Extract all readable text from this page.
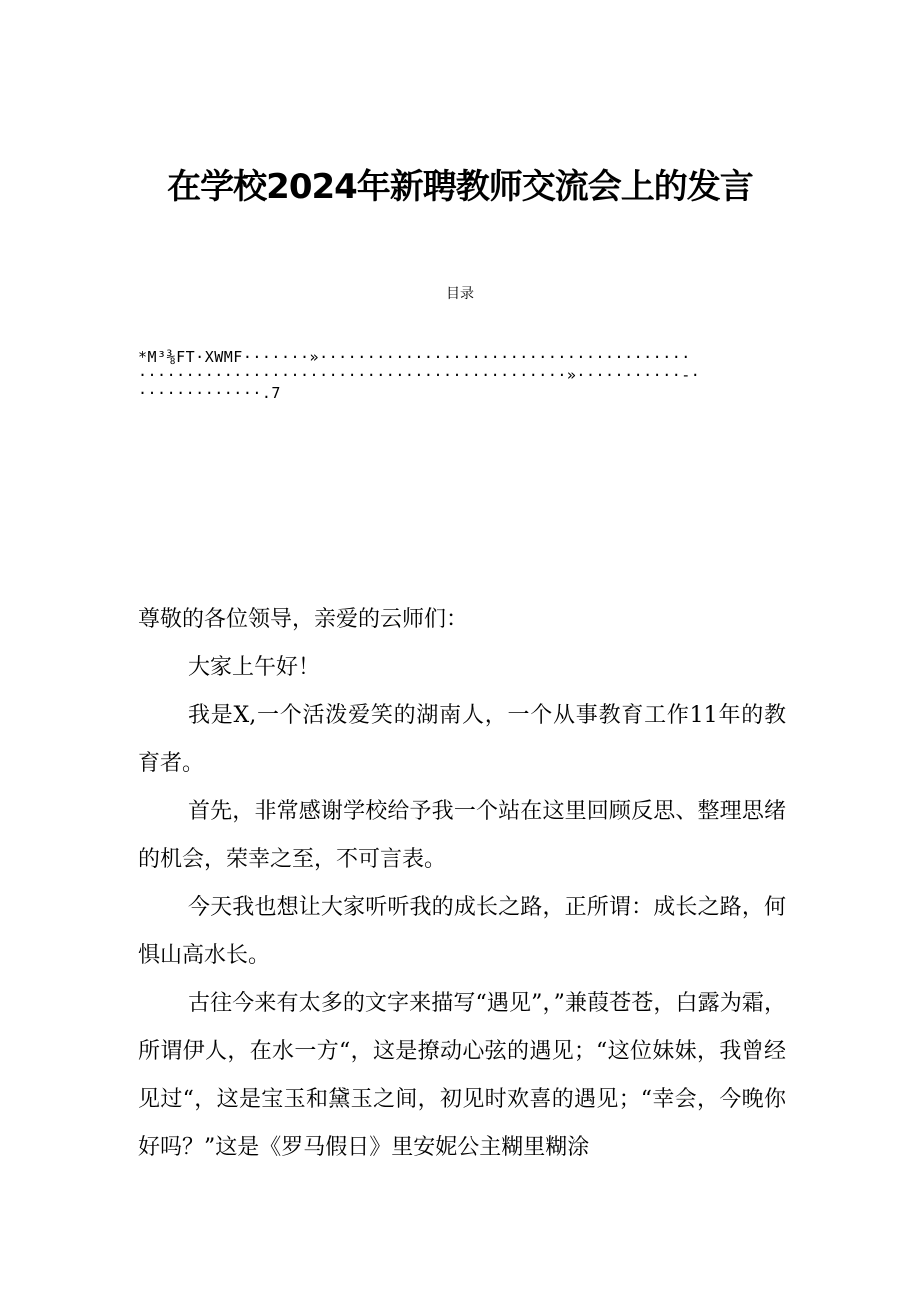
在学校2024年新聘教师交流会上的发言
目录
*M³⅜FT·XWMF·······»·······································
·············································»···········-·
·············.7

尊敬的各位领导，亲爱的云师们：

大家上午好！

我是X,一个活泼爱笑的湖南人，一个从事教育工作11年的教育者。

首先，非常感谢学校给予我一个站在这里回顾反思、整理思绪的机会，荣幸之至，不可言表。

今天我也想让大家听听我的成长之路，正所谓：成长之路，何惧山高水长。

古往今来有太多的文字来描写“遇见”，”兼葭苍苍，白露为霜，所谓伊人，在水一方“，这是撩动心弦的遇见；“这位妹妹，我曾经见过“，这是宝玉和黛玉之间，初见时欢喜的遇见；“幸会，今晚你好吗？”这是《罗马假日》里安妮公主糊里糊涂
